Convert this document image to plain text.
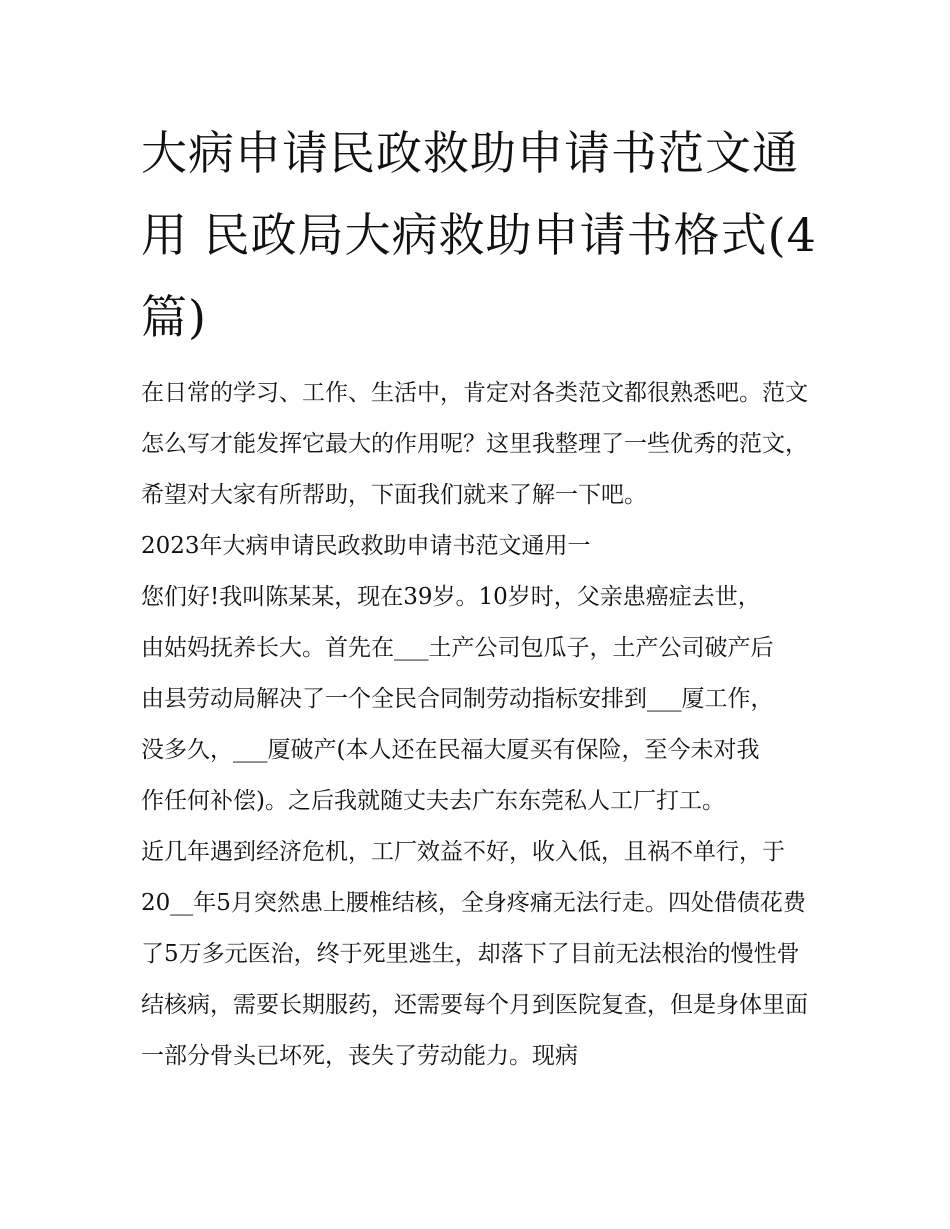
大病申请民政救助申请书范文通用 民政局大病救助申请书格式(4篇)

在日常的学习、工作、生活中，肯定对各类范文都很熟悉吧。范文怎么写才能发挥它最大的作用呢？这里我整理了一些优秀的范文，希望对大家有所帮助，下面我们就来了解一下吧。

2023年大病申请民政救助申请书范文通用一

您们好!我叫陈某某，现在39岁。10岁时，父亲患癌症去世，由姑妈抚养长大。首先在___土产公司包瓜子，土产公司破产后由县劳动局解决了一个全民合同制劳动指标安排到___厦工作，没多久，___厦破产(本人还在民福大厦买有保险，至今未对我作任何补偿)。之后我就随丈夫去广东东莞私人工厂打工。

近几年遇到经济危机，工厂效益不好，收入低，且祸不单行，于20__年5月突然患上腰椎结核，全身疼痛无法行走。四处借债花费了5万多元医治，终于死里逃生，却落下了目前无法根治的慢性骨结核病，需要长期服药，还需要每个月到医院复查，但是身体里面一部分骨头已坏死，丧失了劳动能力。现病
